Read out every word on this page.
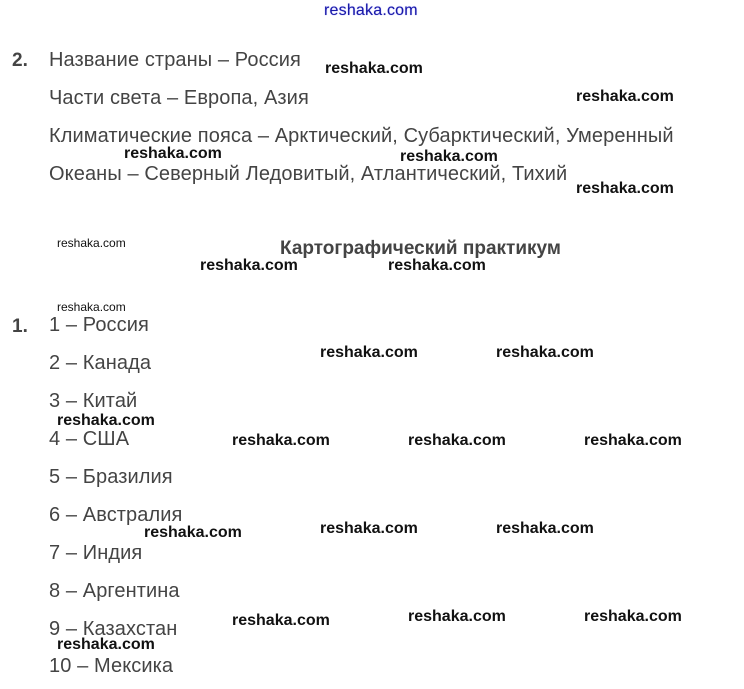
reshaka.com
2. Название страны – Россия
Части света – Европа, Азия
Климатические пояса – Арктический, Субарктический, Умеренный
Океаны – Северный Ледовитый, Атлантический, Тихий
Картографический практикум
1. 1 – Россия
2 – Канада
3 – Китай
4 – США
5 – Бразилия
6 – Австралия
7 – Индия
8 – Аргентина
9 – Казахстан
10 – Мексика
reshaka.com
reshaka.com
reshaka.com	reshaka.com
reshaka.com
reshaka.com
reshaka.com	reshaka.com
reshaka.com
reshaka.com	reshaka.com
reshaka.com
reshaka.com	reshaka.com	reshaka.com
reshaka.com	reshaka.com
reshaka.com
reshaka.com	reshaka.com
reshaka.com
reshaka.com
